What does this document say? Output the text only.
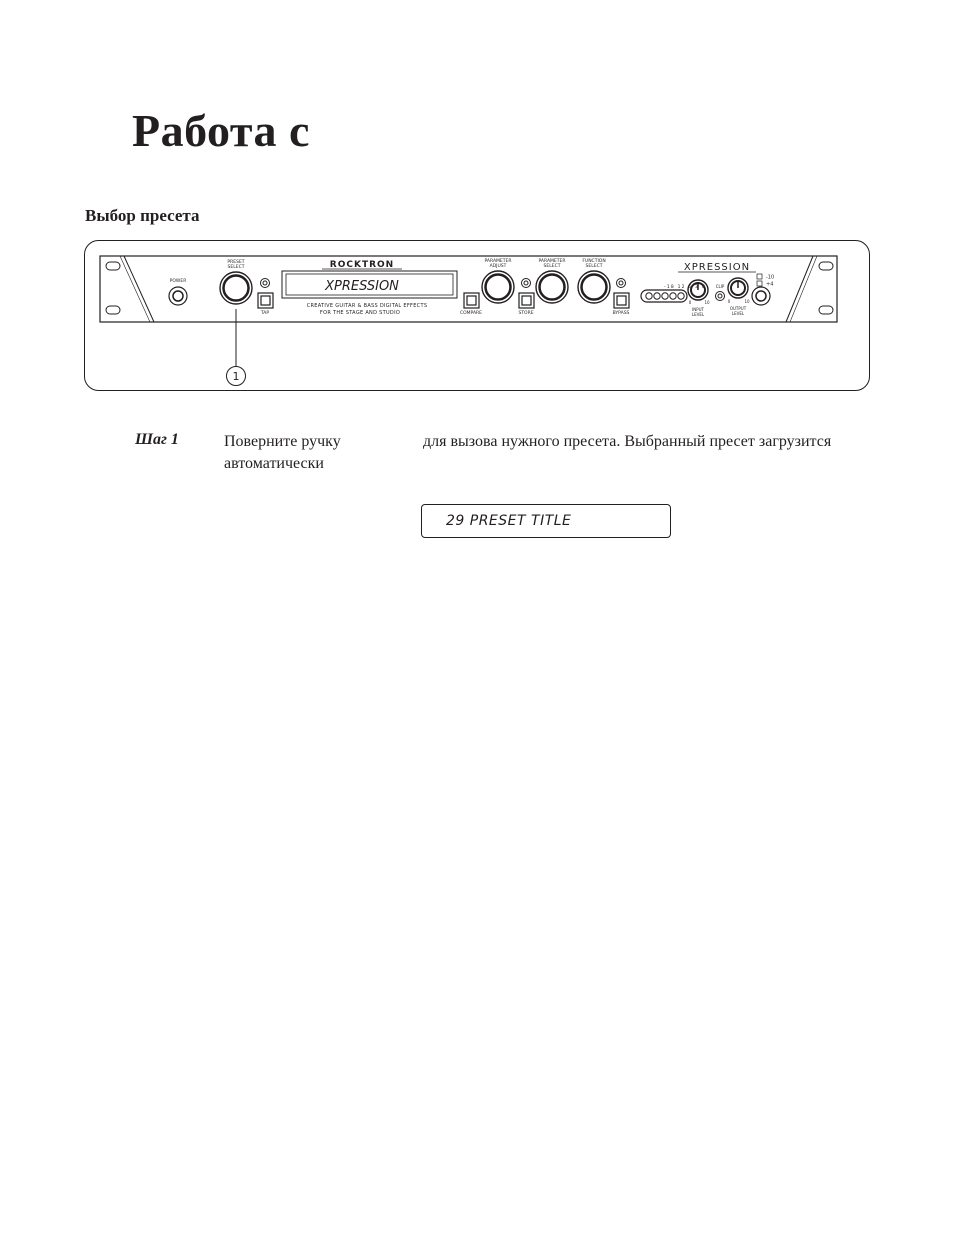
Работа с
Выбор пресета
POWER
PRESET
SELECT
TAP
ROCKTRON
XPRESSION
CREATIVE GUITAR & BASS DIGITAL EFFECTS
FOR THE STAGE AND STUDIO	COMPARE
PARAMETER
ADJUST
STORE
PARAMETER
SELECT
FUNCTION
SELECT
BYPASS
XPRESSION
-18 12 6 3 C
0	10
INPUT
LEVEL
CLIP
0	10
OUTPUT
LEVEL
-10
+4
1
Шаг 1	Поверните ручку автоматически
для вызова нужного пресета. Выбранный пресет загрузится
29 PRESET TITLE
